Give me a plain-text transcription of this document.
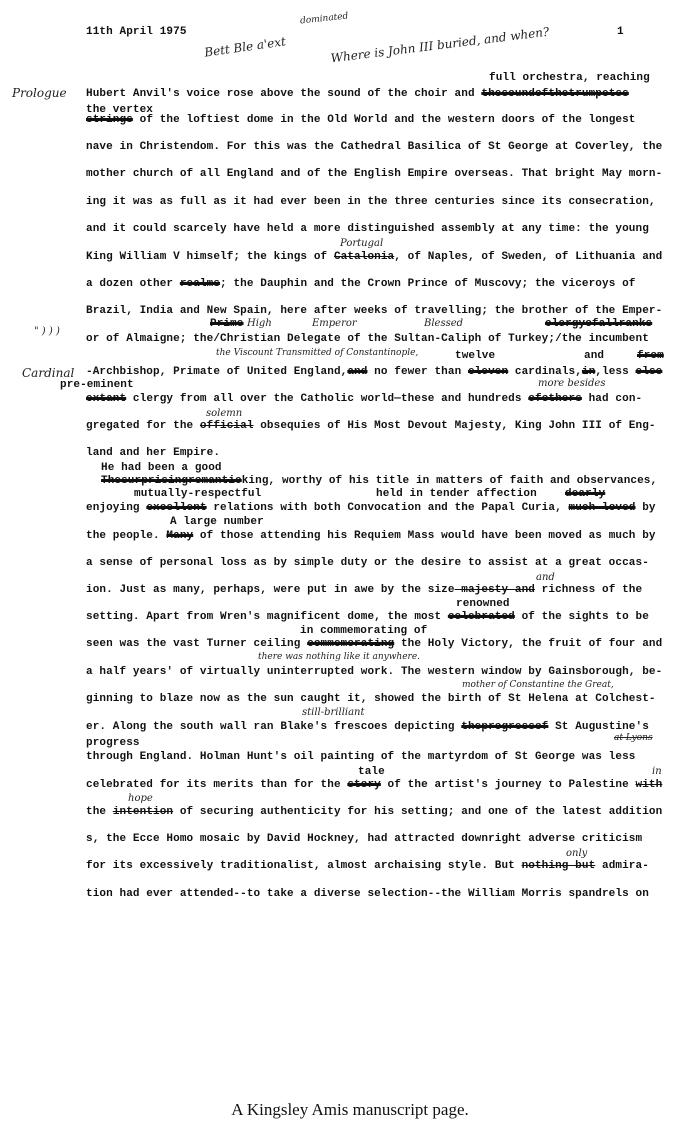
11th April 1975	1
Bett Ble a'ext
dominated
Where is John III buried, and when?
Prologue
" ) ) )
Cardinal
full orchestra, reaching
Hubert Anvil's voice rose above the sound of the choir and thesoundofthetrumpetss
the vertex
strings of the loftiest dome in the Old World and the western doors of the longest
nave in Christendom. For this was the Cathedral Basilica of St George at Coverley, the
mother church of all England and of the English Empire overseas. That bright May morn-
ing it was as full as it had ever been in the three centuries since its consecration,
and it could scarcely have held a more distinguished assembly at any time: the young
Portugal
King William V himself; the kings of Catalonia, of Naples, of Sweden, of Lithuania and
a dozen other realms; the Dauphin and the Crown Prince of Muscovy; the viceroys of
Brazil, India and New Spain, here after weeks of travelling; the brother of the Emper-
Prime High	Emperor	Blessed	clergyofallranks
or of Almaigne; the/Christian Delegate of the Sultan-Caliph of Turkey;/the incumbent
the Viscount Transmitted of Constantinople,	twelve	and	from
-Archbishop, Primate of United England,and no fewer than eleven cardinals,in,less else
pre-eminent	more besides
extant clergy from all over the Catholic world—these and hundreds ofothers had con-
solemn
gregated for the official obsequies of His Most Devout Majesty, King John III of Eng-
land and her Empire.
He had been a good
Thesurprisingromanticking, worthy of his title in matters of faith and observances,
mutually-respectful	held in tender affection	dearly
enjoying excellent relations with both Convocation and the Papal Curia, much loved by
A large number
the people. Many of those attending his Requiem Mass would have been moved as much by
a sense of personal loss as by simple duty or the desire to assist at a great occas-
and
ion. Just as many, perhaps, were put in awe by the size majesty and richness of the
renowned
setting. Apart from Wren's magnificent dome, the most celebrated of the sights to be
in commemorating of
seen was the vast Turner ceiling commemorating the Holy Victory, the fruit of four and
there was nothing like it anywhere.
a half years' of virtually uninterrupted work. The western window by Gainsborough, be-
mother of Constantine the Great,
ginning to blaze now as the sun caught it, showed the birth of St Helena at Colchest-
still-brilliant
er. Along the south wall ran Blake's frescoes depicting theprogressof St Augustine's
at Lyons
progress
through England. Holman Hunt's oil painting of the martyrdom of St George was less
tale	in
celebrated for its merits than for the story of the artist's journey to Palestine with
hope
the intention of securing authenticity for his setting; and one of the latest addition
s, the Ecce Homo mosaic by David Hockney, had attracted downright adverse criticism
only
for its excessively traditionalist, almost archaising style. But nothing but admira-
tion had ever attended--to take a diverse selection--the William Morris spandrels on
A Kingsley Amis manuscript page.
